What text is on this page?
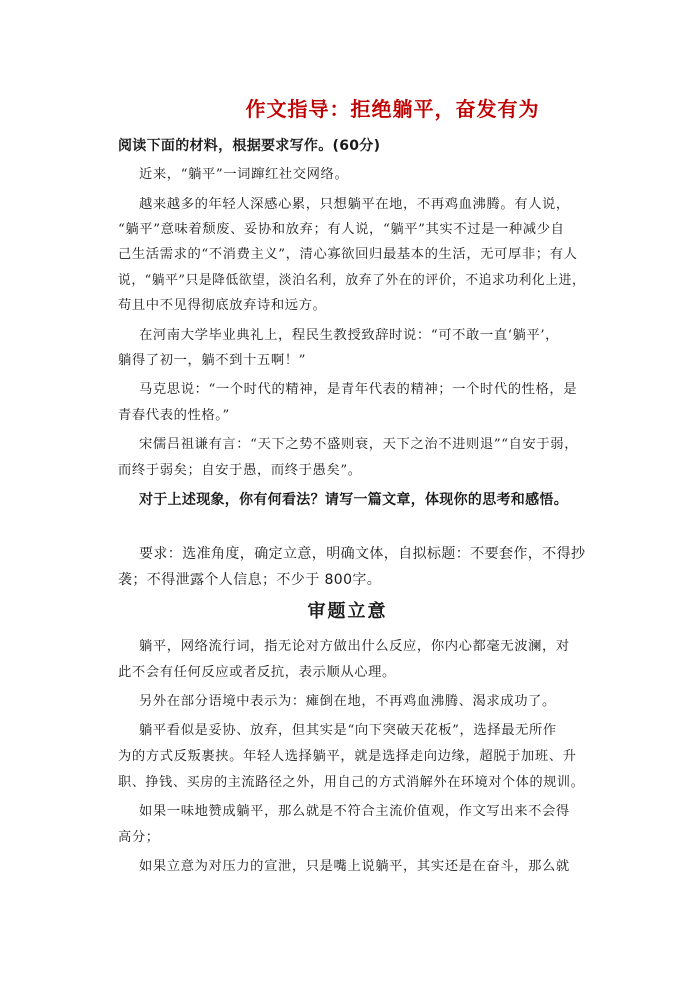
作文指导：拒绝躺平，奋发有为
阅读下面的材料，根据要求写作。(60分)
近来，“躺平”一词蹿红社交网络。
越来越多的年轻人深感心累，只想躺平在地，不再鸡血沸腾。有人说，
“躺平”意味着颓废、妥协和放弃；有人说，“躺平”其实不过是一种减少自
己生活需求的“不消费主义”，清心寡欲回归最基本的生活，无可厚非；有人
说，“躺平”只是降低欲望，淡泊名利，放弃了外在的评价，不追求功利化上进，
苟且中不见得彻底放弃诗和远方。
在河南大学毕业典礼上，程民生教授致辞时说：“可不敢一直‘躺平’，
躺得了初一，躺不到十五啊！”
马克思说：“一个时代的精神，是青年代表的精神；一个时代的性格，是
青春代表的性格。”
宋儒吕祖谦有言：“天下之势不盛则衰，天下之治不进则退”“自安于弱，
而终于弱矣；自安于愚，而终于愚矣”。
对于上述现象，你有何看法？请写一篇文章，体现你的思考和感悟。
要求：选准角度，确定立意，明确文体，自拟标题：不要套作，不得抄
袭；不得泄露个人信息；不少于 800字。
审题立意
躺平，网络流行词，指无论对方做出什么反应，你内心都毫无波澜，对
此不会有任何反应或者反抗，表示顺从心理。
另外在部分语境中表示为：瘫倒在地，不再鸡血沸腾、渴求成功了。
躺平看似是妥协、放弃，但其实是“向下突破天花板”，选择最无所作
为的方式反叛裹挟。年轻人选择躺平，就是选择走向边缘，超脱于加班、升
职、挣钱、买房的主流路径之外，用自己的方式消解外在环境对个体的规训。
如果一味地赞成躺平，那么就是不符合主流价值观，作文写出来不会得
高分；
如果立意为对压力的宣泄，只是嘴上说躺平，其实还是在奋斗，那么就
